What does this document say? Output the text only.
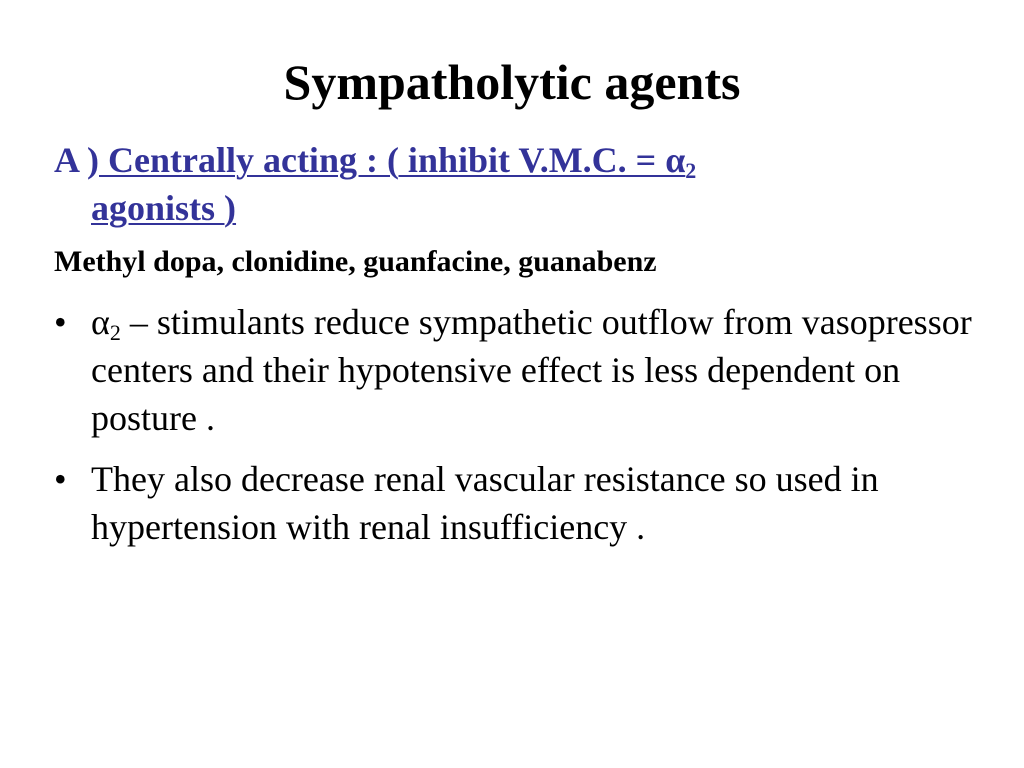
Sympatholytic agents
A ) Centrally acting : ( inhibit V.M.C. = $\alpha_2$
agonists )
Methyl dopa, clonidine, guanfacine, guanabenz
• $\alpha_2$ – stimulants reduce sympathetic outflow from vasopressor centers and their hypotensive effect is less dependent on posture .
• They also decrease renal vascular resistance so used in hypertension with renal insufficiency .
